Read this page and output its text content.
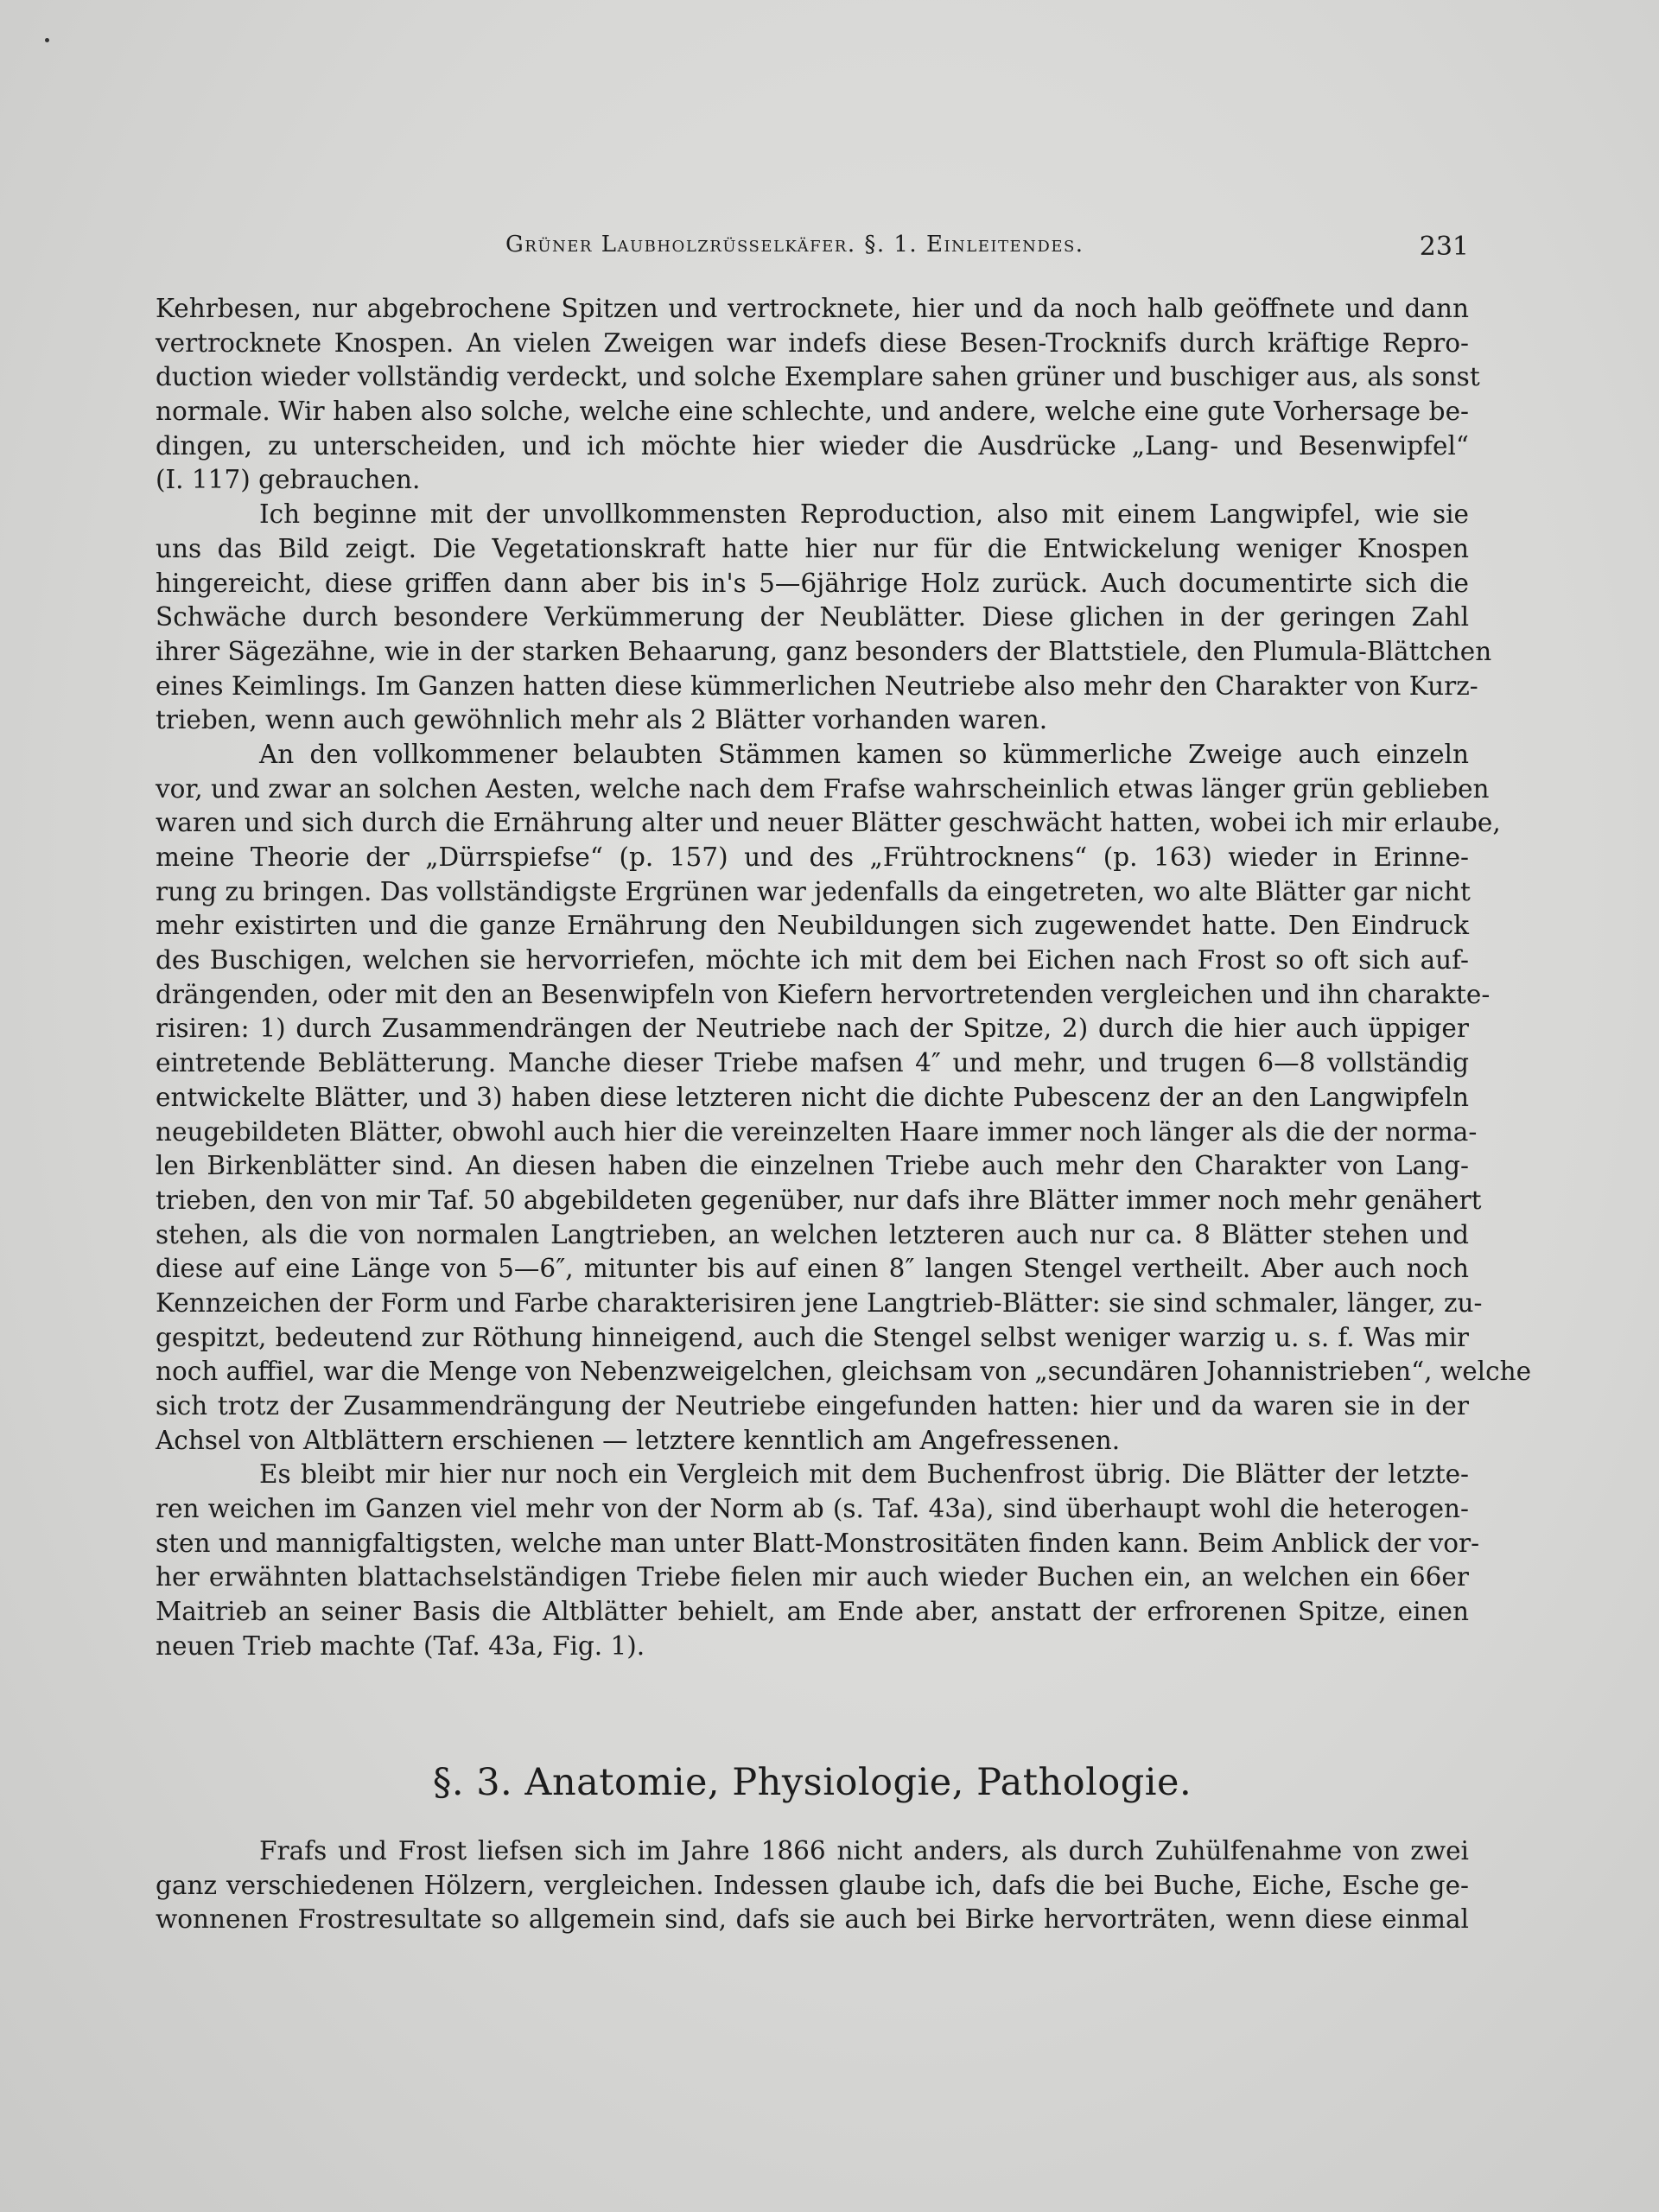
Grüner Laubholzrüsselkäfer. §. 1. Einleitendes.	231
Kehrbesen, nur abgebrochene Spitzen und vertrocknete, hier und da noch halb geöffnete und dann
vertrocknete Knospen. An vielen Zweigen war indefs diese Besen-Trocknifs durch kräftige Repro-
duction wieder vollständig verdeckt, und solche Exemplare sahen grüner und buschiger aus, als sonst
normale. Wir haben also solche, welche eine schlechte, und andere, welche eine gute Vorhersage be-
dingen, zu unterscheiden, und ich möchte hier wieder die Ausdrücke „Lang- und Besenwipfel“
(I. 117) gebrauchen.
Ich beginne mit der unvollkommensten Reproduction, also mit einem Langwipfel, wie sie
uns das Bild zeigt. Die Vegetationskraft hatte hier nur für die Entwickelung weniger Knospen
hingereicht, diese griffen dann aber bis in's 5—6jährige Holz zurück. Auch documentirte sich die
Schwäche durch besondere Verkümmerung der Neublätter. Diese glichen in der geringen Zahl
ihrer Sägezähne, wie in der starken Behaarung, ganz besonders der Blattstiele, den Plumula-Blättchen
eines Keimlings. Im Ganzen hatten diese kümmerlichen Neutriebe also mehr den Charakter von Kurz-
trieben, wenn auch gewöhnlich mehr als 2 Blätter vorhanden waren.
An den vollkommener belaubten Stämmen kamen so kümmerliche Zweige auch einzeln
vor, und zwar an solchen Aesten, welche nach dem Frafse wahrscheinlich etwas länger grün geblieben
waren und sich durch die Ernährung alter und neuer Blätter geschwächt hatten, wobei ich mir erlaube,
meine Theorie der „Dürrspiefse“ (p. 157) und des „Frühtrocknens“ (p. 163) wieder in Erinne-
rung zu bringen. Das vollständigste Ergrünen war jedenfalls da eingetreten, wo alte Blätter gar nicht
mehr existirten und die ganze Ernährung den Neubildungen sich zugewendet hatte. Den Eindruck
des Buschigen, welchen sie hervorriefen, möchte ich mit dem bei Eichen nach Frost so oft sich auf-
drängenden, oder mit den an Besenwipfeln von Kiefern hervortretenden vergleichen und ihn charakte-
risiren: 1) durch Zusammendrängen der Neutriebe nach der Spitze, 2) durch die hier auch üppiger
eintretende Beblätterung. Manche dieser Triebe mafsen 4″ und mehr, und trugen 6—8 vollständig
entwickelte Blätter, und 3) haben diese letzteren nicht die dichte Pubescenz der an den Langwipfeln
neugebildeten Blätter, obwohl auch hier die vereinzelten Haare immer noch länger als die der norma-
len Birkenblätter sind. An diesen haben die einzelnen Triebe auch mehr den Charakter von Lang-
trieben, den von mir Taf. 50 abgebildeten gegenüber, nur dafs ihre Blätter immer noch mehr genähert
stehen, als die von normalen Langtrieben, an welchen letzteren auch nur ca. 8 Blätter stehen und
diese auf eine Länge von 5—6″, mitunter bis auf einen 8″ langen Stengel vertheilt. Aber auch noch
Kennzeichen der Form und Farbe charakterisiren jene Langtrieb-Blätter: sie sind schmaler, länger, zu-
gespitzt, bedeutend zur Röthung hinneigend, auch die Stengel selbst weniger warzig u. s. f. Was mir
noch auffiel, war die Menge von Nebenzweigelchen, gleichsam von „secundären Johannistrieben“, welche
sich trotz der Zusammendrängung der Neutriebe eingefunden hatten: hier und da waren sie in der
Achsel von Altblättern erschienen — letztere kenntlich am Angefressenen.
Es bleibt mir hier nur noch ein Vergleich mit dem Buchenfrost übrig. Die Blätter der letzte-
ren weichen im Ganzen viel mehr von der Norm ab (s. Taf. 43a), sind überhaupt wohl die heterogen-
sten und mannigfaltigsten, welche man unter Blatt-Monstrositäten finden kann. Beim Anblick der vor-
her erwähnten blattachselständigen Triebe fielen mir auch wieder Buchen ein, an welchen ein 66er
Maitrieb an seiner Basis die Altblätter behielt, am Ende aber, anstatt der erfrorenen Spitze, einen
neuen Trieb machte (Taf. 43a, Fig. 1).
§. 3. Anatomie, Physiologie, Pathologie.
Frafs und Frost liefsen sich im Jahre 1866 nicht anders, als durch Zuhülfenahme von zwei
ganz verschiedenen Hölzern, vergleichen. Indessen glaube ich, dafs die bei Buche, Eiche, Esche ge-
wonnenen Frostresultate so allgemein sind, dafs sie auch bei Birke hervorträten, wenn diese einmal
